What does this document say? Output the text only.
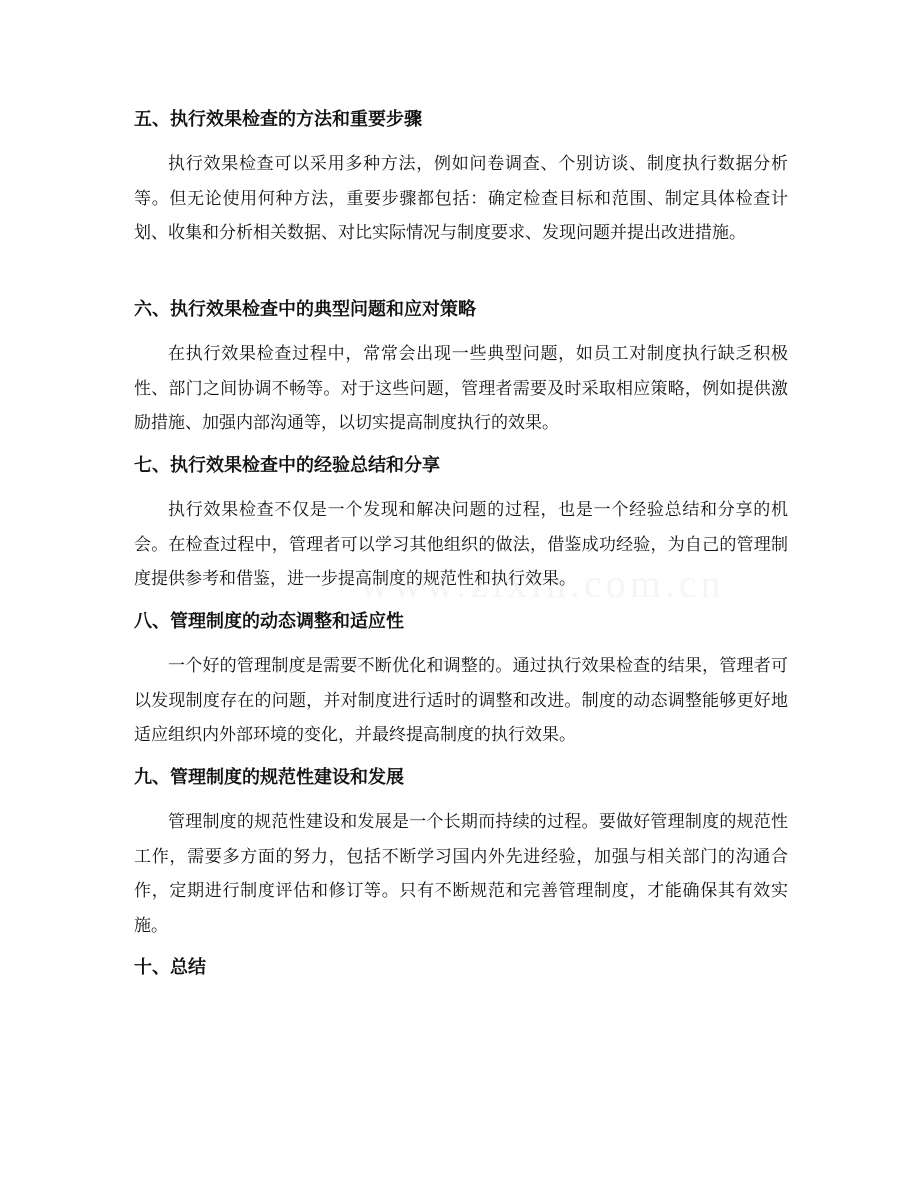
五、执行效果检查的方法和重要步骤

执行效果检查可以采用多种方法，例如问卷调查、个别访谈、制度执行数据分析等。但无论使用何种方法，重要步骤都包括：确定检查目标和范围、制定具体检查计划、收集和分析相关数据、对比实际情况与制度要求、发现问题并提出改进措施。

六、执行效果检查中的典型问题和应对策略

在执行效果检查过程中，常常会出现一些典型问题，如员工对制度执行缺乏积极性、部门之间协调不畅等。对于这些问题，管理者需要及时采取相应策略，例如提供激励措施、加强内部沟通等，以切实提高制度执行的效果。

七、执行效果检查中的经验总结和分享

执行效果检查不仅是一个发现和解决问题的过程，也是一个经验总结和分享的机会。在检查过程中，管理者可以学习其他组织的做法，借鉴成功经验，为自己的管理制度提供参考和借鉴，进一步提高制度的规范性和执行效果。

八、管理制度的动态调整和适应性

一个好的管理制度是需要不断优化和调整的。通过执行效果检查的结果，管理者可以发现制度存在的问题，并对制度进行适时的调整和改进。制度的动态调整能够更好地适应组织内外部环境的变化，并最终提高制度的执行效果。

九、管理制度的规范性建设和发展

管理制度的规范性建设和发展是一个长期而持续的过程。要做好管理制度的规范性工作，需要多方面的努力，包括不断学习国内外先进经验，加强与相关部门的沟通合作，定期进行制度评估和修订等。只有不断规范和完善管理制度，才能确保其有效实施。

十、总结
